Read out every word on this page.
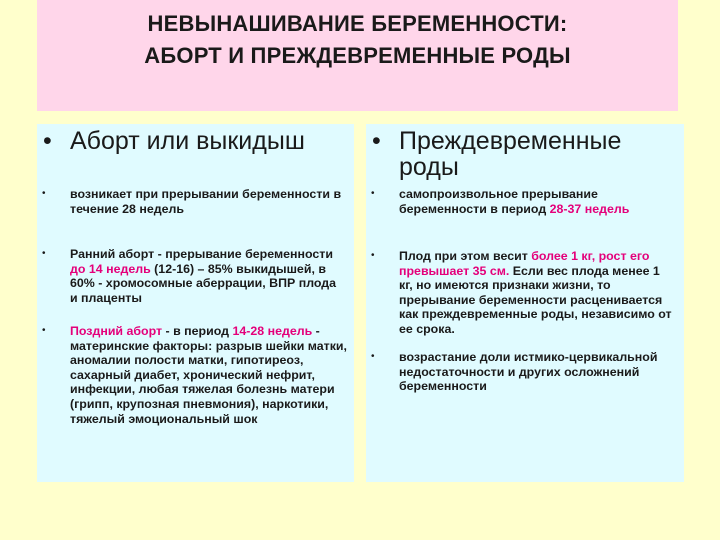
НЕВЫНАШИВАНИЕ БЕРЕМЕННОСТИ:
АБОРТ И ПРЕЖДЕВРЕМЕННЫЕ РОДЫ
• Аборт или выкидыш
• возникает при прерывании беременности в течение 28 недель
• Ранний аборт - прерывание беременности до 14 недель (12-16) – 85% выкидышей, в 60% - хромосомные аберрации, ВПР плода и плаценты
• Поздний аборт - в период 14-28 недель - материнские факторы: разрыв шейки матки, аномалии полости матки, гипотиреоз, сахарный диабет, хронический нефрит, инфекции, любая тяжелая болезнь матери (грипп, крупозная пневмония), наркотики, тяжелый эмоциональный шок
• Преждевременные роды
• самопроизвольное прерывание беременности в период 28-37 недель
• Плод при этом весит более 1 кг, рост его превышает 35 см. Если вес плода менее 1 кг, но имеются признаки жизни, то прерывание беременности расценивается как преждевременные роды, независимо от ее срока.
• возрастание доли истмико-цервикальной недостаточности и других осложнений беременности
